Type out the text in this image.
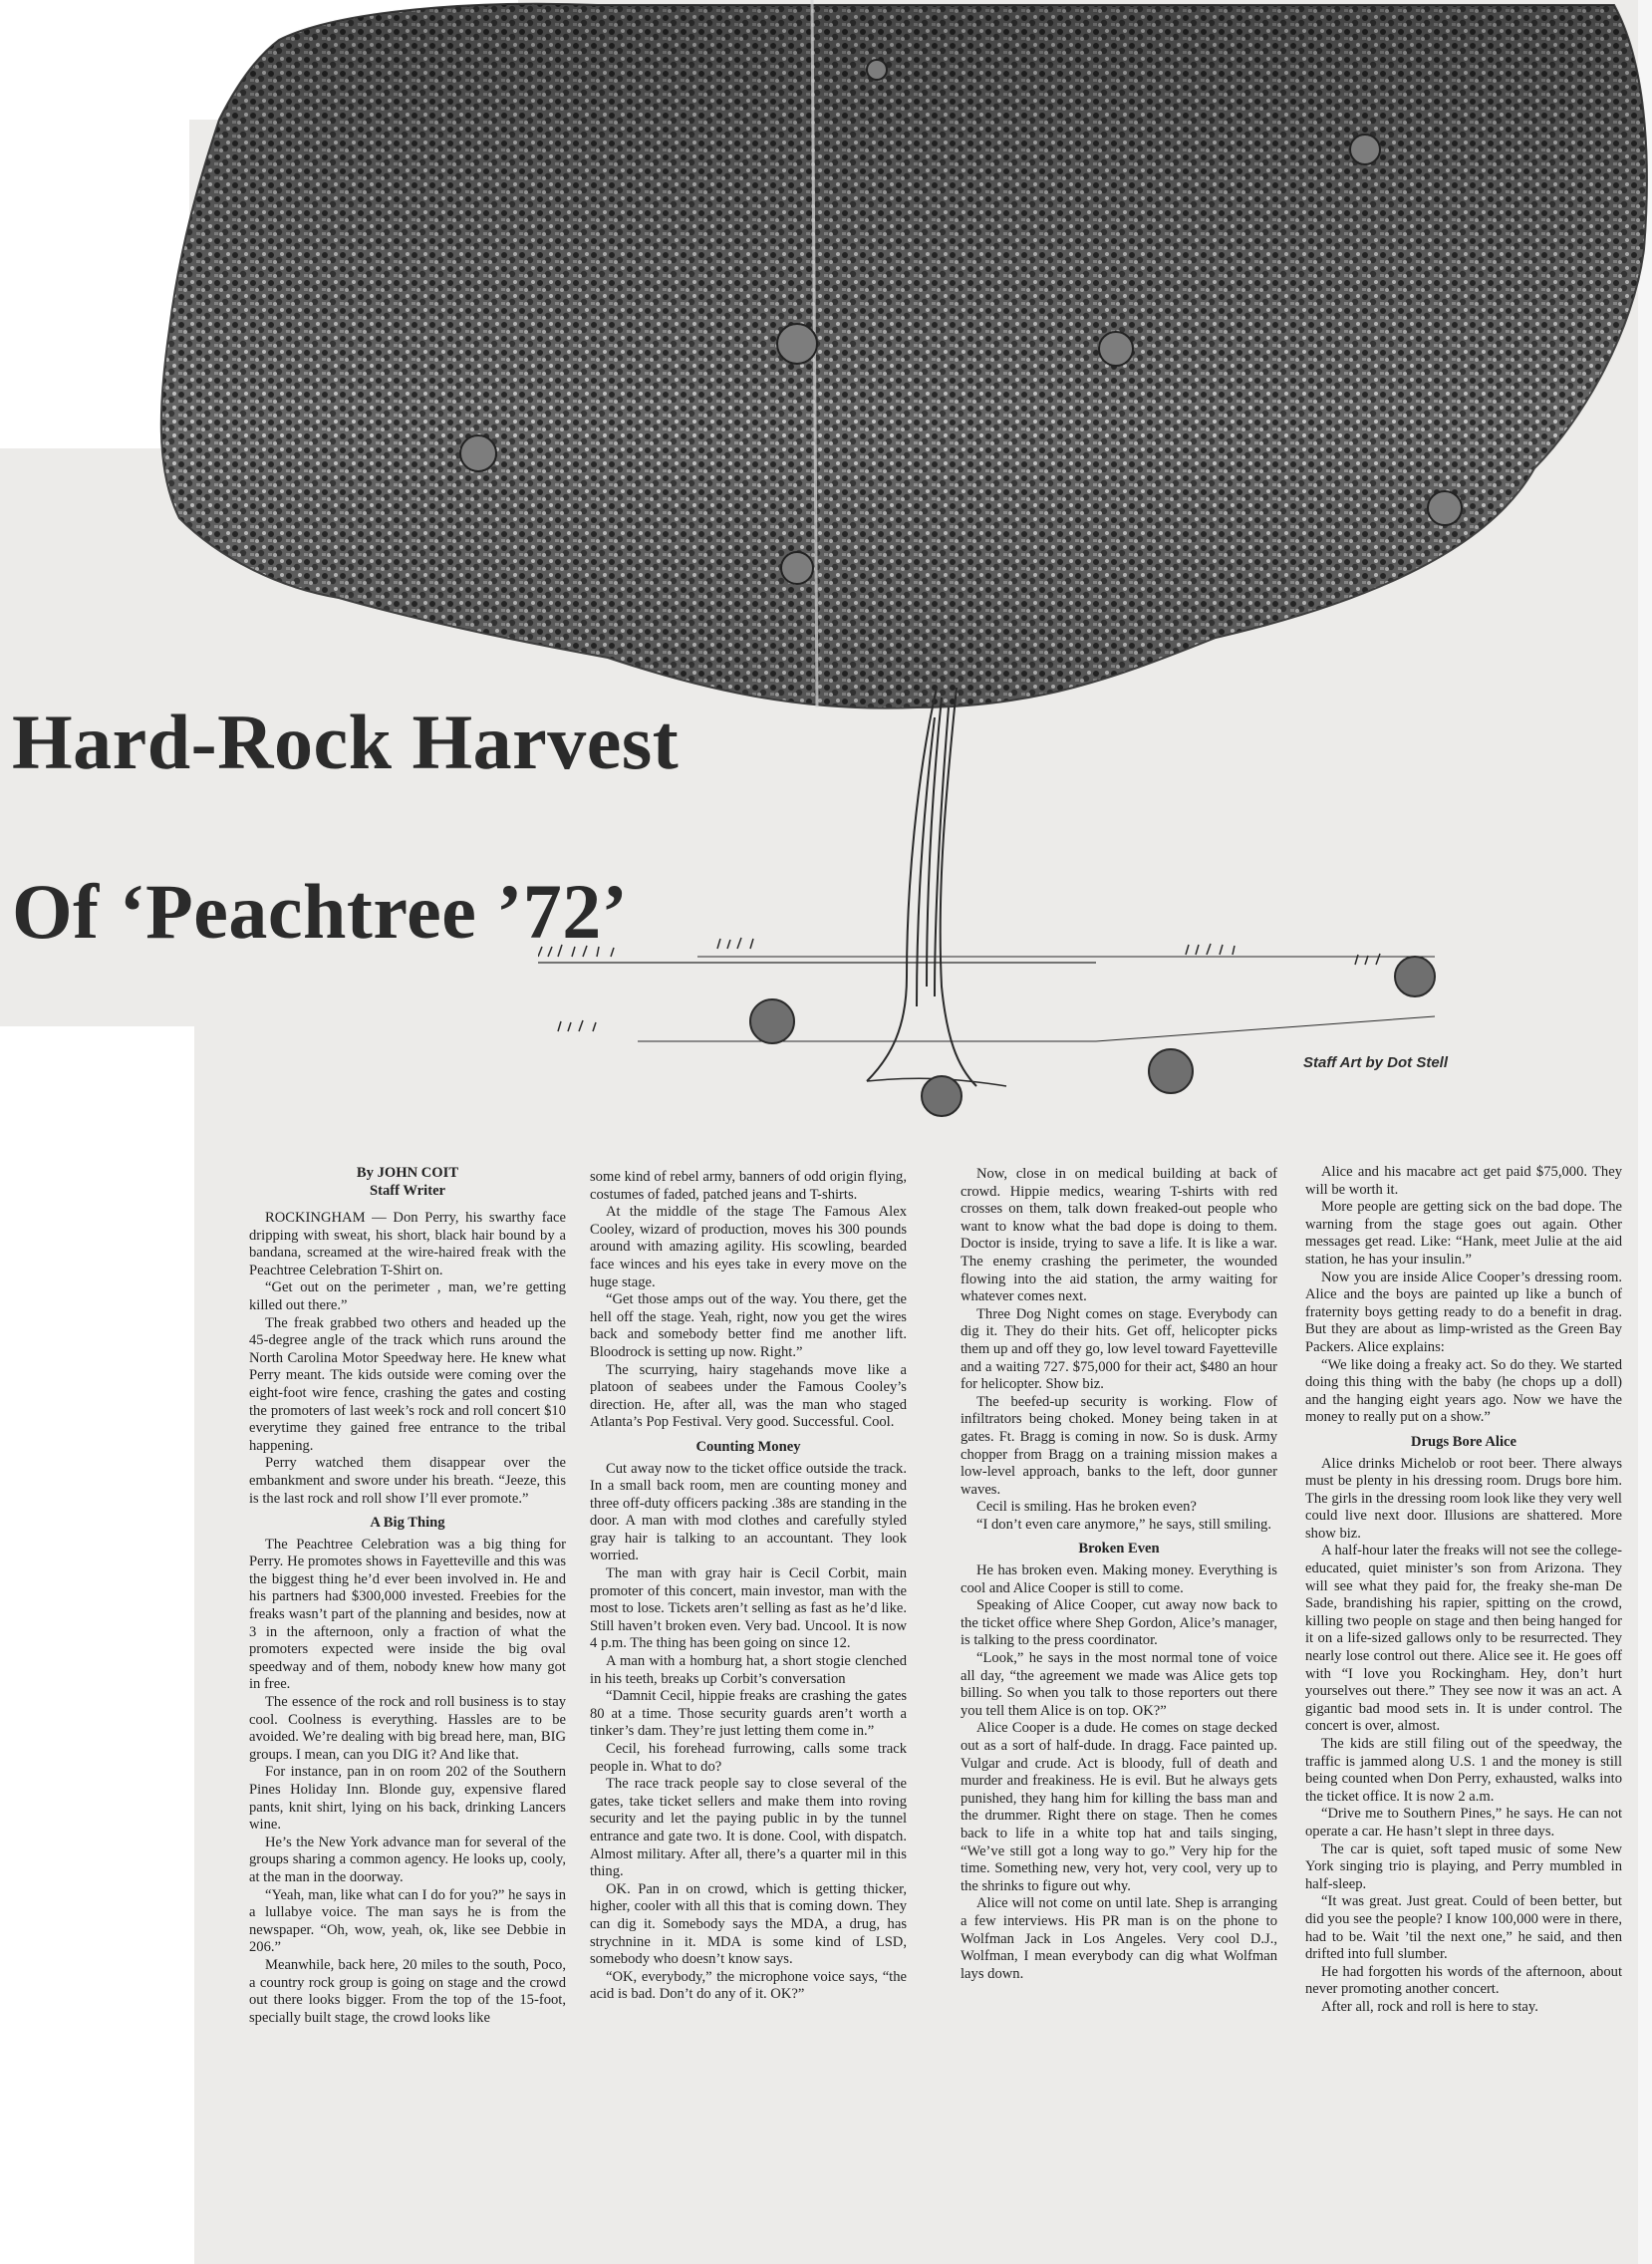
Hard-Rock Harvest
Of ‘Peachtree ’72’
Staff Art by Dot Stell
By JOHN COIT
Staff Writer

ROCKINGHAM — Don Perry, his swarthy face dripping with sweat, his short, black hair bound by a bandana, screamed at the wire-haired freak with the Peachtree Celebration T-Shirt on.

“Get out on the perimeter , man, we’re getting killed out there.”

The freak grabbed two others and headed up the 45-degree angle of the track which runs around the North Carolina Motor Speedway here. He knew what Perry meant. The kids outside were coming over the eight-foot wire fence, crashing the gates and costing the promoters of last week’s rock and roll concert $10 everytime they gained free entrance to the tribal happening.

Perry watched them disappear over the embankment and swore under his breath. “Jeeze, this is the last rock and roll show I’ll ever promote.”

A Big Thing

The Peachtree Celebration was a big thing for Perry. He promotes shows in Fayetteville and this was the biggest thing he’d ever been involved in. He and his partners had $300,000 invested. Freebies for the freaks wasn’t part of the planning and besides, now at 3 in the afternoon, only a fraction of what the promoters expected were inside the big oval speedway and of them, nobody knew how many got in free.

The essence of the rock and roll business is to stay cool. Coolness is everything. Hassles are to be avoided. We’re dealing with big bread here, man, BIG groups. I mean, can you DIG it? And like that.

For instance, pan in on room 202 of the Southern Pines Holiday Inn. Blonde guy, expensive flared pants, knit shirt, lying on his back, drinking Lancers wine.

He’s the New York advance man for several of the groups sharing a common agency. He looks up, cooly, at the man in the doorway.

“Yeah, man, like what can I do for you?” he says in a lullabye voice. The man says he is from the newspaper. “Oh, wow, yeah, ok, like see Debbie in 206.”

Meanwhile, back here, 20 miles to the south, Poco, a country rock group is going on stage and the crowd out there looks bigger. From the top of the 15-foot, specially built stage, the crowd looks like

some kind of rebel army, banners of odd origin flying, costumes of faded, patched jeans and T-shirts.

At the middle of the stage The Famous Alex Cooley, wizard of production, moves his 300 pounds around with amazing agility. His scowling, bearded face winces and his eyes take in every move on the huge stage.

“Get those amps out of the way. You there, get the hell off the stage. Yeah, right, now you get the wires back and somebody better find me another lift. Bloodrock is setting up now. Right.”

The scurrying, hairy stagehands move like a platoon of seabees under the Famous Cooley’s direction. He, after all, was the man who staged Atlanta’s Pop Festival. Very good. Successful. Cool.

Counting Money

Cut away now to the ticket office outside the track. In a small back room, men are counting money and three off-duty officers packing .38s are standing in the door. A man with mod clothes and carefully styled gray hair is talking to an accountant. They look worried.

The man with gray hair is Cecil Corbit, main promoter of this concert, main investor, man with the most to lose. Tickets aren’t selling as fast as he’d like. Still haven’t broken even. Very bad. Uncool. It is now 4 p.m. The thing has been going on since 12.

A man with a homburg hat, a short stogie clenched in his teeth, breaks up Corbit’s conversation

“Damnit Cecil, hippie freaks are crashing the gates 80 at a time. Those security guards aren’t worth a tinker’s dam. They’re just letting them come in.”

Cecil, his forehead furrowing, calls some track people in. What to do?

The race track people say to close several of the gates, take ticket sellers and make them into roving security and let the paying public in by the tunnel entrance and gate two. It is done. Cool, with dispatch. Almost military. After all, there’s a quarter mil in this thing.

OK. Pan in on crowd, which is getting thicker, higher, cooler with all this that is coming down. They can dig it. Somebody says the MDA, a drug, has strychnine in it. MDA is some kind of LSD, somebody who doesn’t know says.

“OK, everybody,” the microphone voice says, “the acid is bad. Don’t do any of it. OK?”

Now, close in on medical building at back of crowd. Hippie medics, wearing T-shirts with red crosses on them, talk down freaked-out people who want to know what the bad dope is doing to them. Doctor is inside, trying to save a life. It is like a war. The enemy crashing the perimeter, the wounded flowing into the aid station, the army waiting for whatever comes next.

Three Dog Night comes on stage. Everybody can dig it. They do their hits. Get off, helicopter picks them up and off they go, low level toward Fayetteville and a waiting 727. $75,000 for their act, $480 an hour for helicopter. Show biz.

The beefed-up security is working. Flow of infiltrators being choked. Money being taken in at gates. Ft. Bragg is coming in now. So is dusk. Army chopper from Bragg on a training mission makes a low-level approach, banks to the left, door gunner waves.

Cecil is smiling. Has he broken even?

“I don’t even care anymore,” he says, still smiling.

Broken Even

He has broken even. Making money. Everything is cool and Alice Cooper is still to come.

Speaking of Alice Cooper, cut away now back to the ticket office where Shep Gordon, Alice’s manager, is talking to the press coordinator.

“Look,” he says in the most normal tone of voice all day, “the agreement we made was Alice gets top billing. So when you talk to those reporters out there you tell them Alice is on top. OK?”

Alice Cooper is a dude. He comes on stage decked out as a sort of half-dude. In dragg. Face painted up. Vulgar and crude. Act is bloody, full of death and murder and freakiness. He is evil. But he always gets punished, they hang him for killing the bass man and the drummer. Right there on stage. Then he comes back to life in a white top hat and tails singing, “We’ve still got a long way to go.” Very hip for the time. Something new, very hot, very cool, very up to the shrinks to figure out why.

Alice will not come on until late. Shep is arranging a few interviews. His PR man is on the phone to Wolfman Jack in Los Angeles. Very cool D.J., Wolfman, I mean everybody can dig what Wolfman lays down.

Alice and his macabre act get paid $75,000. They will be worth it.

More people are getting sick on the bad dope. The warning from the stage goes out again. Other messages get read. Like: “Hank, meet Julie at the aid station, he has your insulin.”

Now you are inside Alice Cooper’s dressing room. Alice and the boys are painted up like a bunch of fraternity boys getting ready to do a benefit in drag. But they are about as limp-wristed as the Green Bay Packers. Alice explains:

“We like doing a freaky act. So do they. We started doing this thing with the baby (he chops up a doll) and the hanging eight years ago. Now we have the money to really put on a show.”

Drugs Bore Alice

Alice drinks Michelob or root beer. There always must be plenty in his dressing room. Drugs bore him. The girls in the dressing room look like they very well could live next door. Illusions are shattered. More show biz.

A half-hour later the freaks will not see the college-educated, quiet minister’s son from Arizona. They will see what they paid for, the freaky she-man De Sade, brandishing his rapier, spitting on the crowd, killing two people on stage and then being hanged for it on a life-sized gallows only to be resurrected. They nearly lose control out there. Alice see it. He goes off with “I love you Rockingham. Hey, don’t hurt yourselves out there.” They see now it was an act. A gigantic bad mood sets in. It is under control. The concert is over, almost.

The kids are still filing out of the speedway, the traffic is jammed along U.S. 1 and the money is still being counted when Don Perry, exhausted, walks into the ticket office. It is now 2 a.m.

“Drive me to Southern Pines,” he says. He can not operate a car. He hasn’t slept in three days.

The car is quiet, soft taped music of some New York singing trio is playing, and Perry mumbled in half-sleep.

“It was great. Just great. Could of been better, but did you see the people? I know 100,000 were in there, had to be. Wait ’til the next one,” he said, and then drifted into full slumber.

He had forgotten his words of the afternoon, about never promoting another concert.

After all, rock and roll is here to stay.
